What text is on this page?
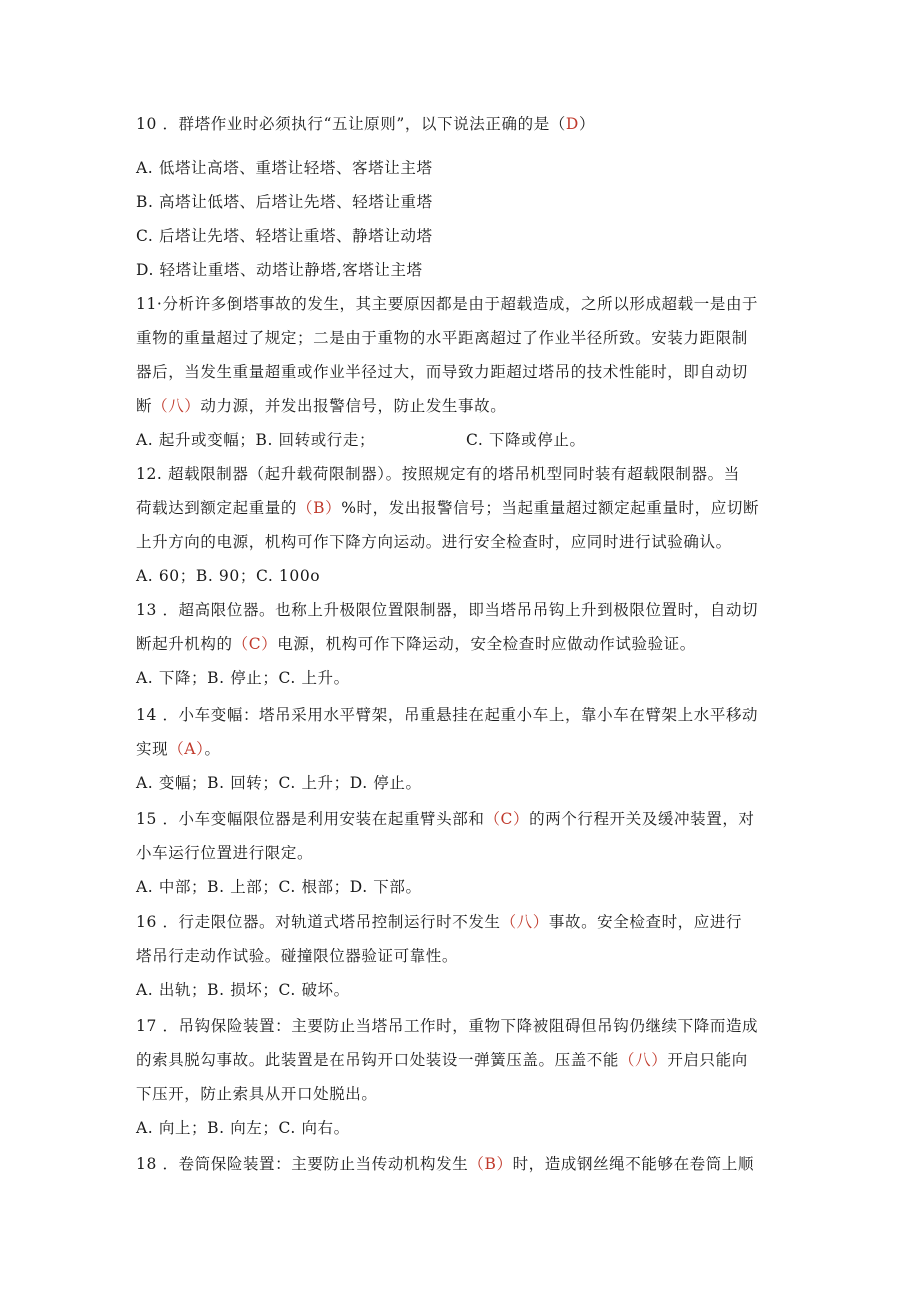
10 ．群塔作业时必须执行“五让原则”，以下说法正确的是（D）
A. 低塔让高塔、重塔让轻塔、客塔让主塔
B. 高塔让低塔、后塔让先塔、轻塔让重塔
C. 后塔让先塔、轻塔让重塔、静塔让动塔
D. 轻塔让重塔、动塔让静塔,客塔让主塔
11·分析许多倒塔事故的发生，其主要原因都是由于超载造成，之所以形成超载一是由于
重物的重量超过了规定；二是由于重物的水平距离超过了作业半径所致。安装力距限制
器后，当发生重量超重或作业半径过大，而导致力距超过塔吊的技术性能时，即自动切
断（八）动力源，并发出报警信号，防止发生事故。
A. 起升或变幅；B. 回转或行走；	C. 下降或停止。
12. 超载限制器（起升载荷限制器）。按照规定有的塔吊机型同时装有超载限制器。当
荷载达到额定起重量的（B）%时，发出报警信号；当起重量超过额定起重量时，应切断
上升方向的电源，机构可作下降方向运动。进行安全检查时，应同时进行试验确认。
A. 60；B. 90；C. 100o
13 ．超高限位器。也称上升极限位置限制器，即当塔吊吊钩上升到极限位置时，自动切
断起升机构的（C）电源，机构可作下降运动，安全检查时应做动作试验验证。
A. 下降；B. 停止；C. 上升。
14 ．小车变幅：塔吊采用水平臂架，吊重悬挂在起重小车上，靠小车在臂架上水平移动
实现（A）。
A. 变幅；B. 回转；C. 上升；D. 停止。
15 ．小车变幅限位器是利用安装在起重臂头部和（C）的两个行程开关及缓冲装置，对
小车运行位置进行限定。
A. 中部；B. 上部；C. 根部；D. 下部。
16 ．行走限位器。对轨道式塔吊控制运行时不发生（八）事故。安全检查时，应进行
塔吊行走动作试验。碰撞限位器验证可靠性。
A. 出轨；B. 损坏；C. 破坏。
17 ．吊钩保险装置：主要防止当塔吊工作时，重物下降被阻碍但吊钩仍继续下降而造成
的索具脱勾事故。此装置是在吊钩开口处装设一弹簧压盖。压盖不能（八）开启只能向
下压开，防止索具从开口处脱出。
A. 向上；B. 向左；C. 向右。
18 ．卷筒保险装置：主要防止当传动机构发生（B）时，造成钢丝绳不能够在卷筒上顺
